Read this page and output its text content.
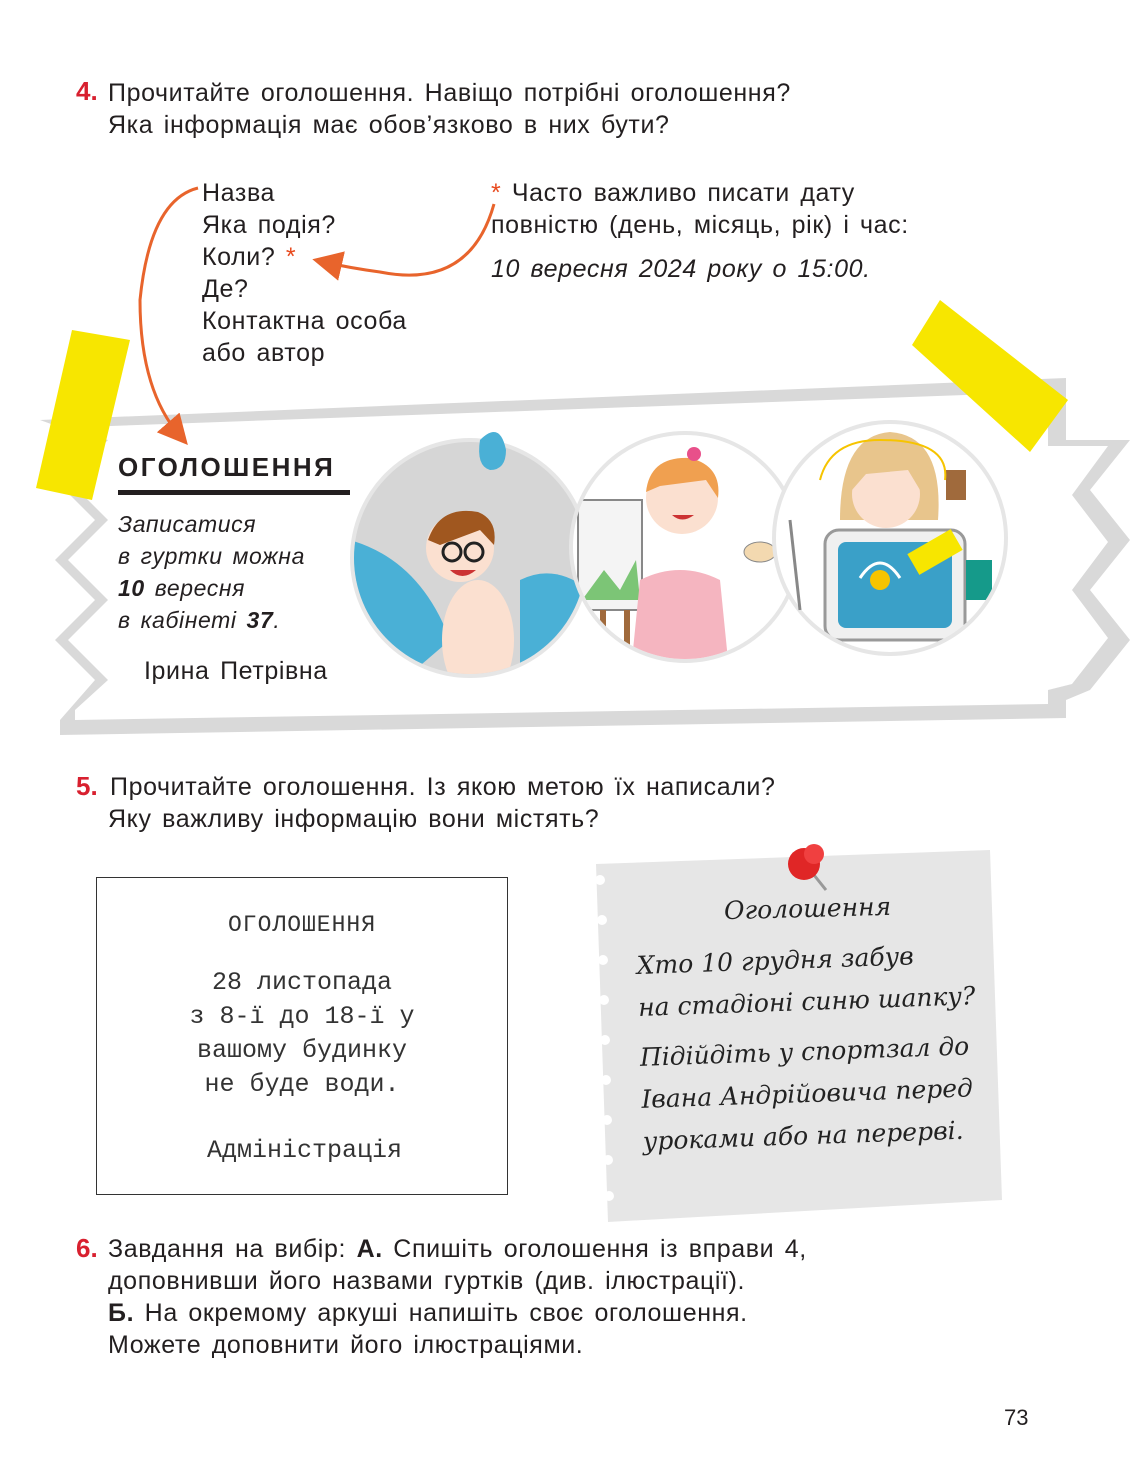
4. Прочитайте оголошення. Навіщо потрібні оголошення?
Яка інформація має обов’язково в них бути?
Назва
Яка подія?
Коли? *
Де?
Контактна особа
або автор
* Часто важливо писати дату
повністю (день, місяць, рік) і час:
10 вересня 2024 року о 15:00.
ОГОЛОШЕННЯ
Записатися
в гуртки можна
10 вересня
в кабінеті 37.
Ірина Петрівна
5. Прочитайте оголошення. Із якою метою їх написали?
Яку важливу інформацію вони містять?
ОГОЛОШЕННЯ
28 листопада
з 8-ї до 18-ї у
вашому будинку
не буде води.
Адміністрація
Оголошення
Хто 10 грудня забув
на стадіоні синю шапку?
Підійдіть у спортзал до
Івана Андрійовича перед
уроками або на перерві.
6. Завдання на вибір: А. Спишіть оголошення із вправи 4,
доповнивши його назвами гуртків (див. ілюстрації).
Б. На окремому аркуші напишіть своє оголошення.
Можете доповнити його ілюстраціями.
73
